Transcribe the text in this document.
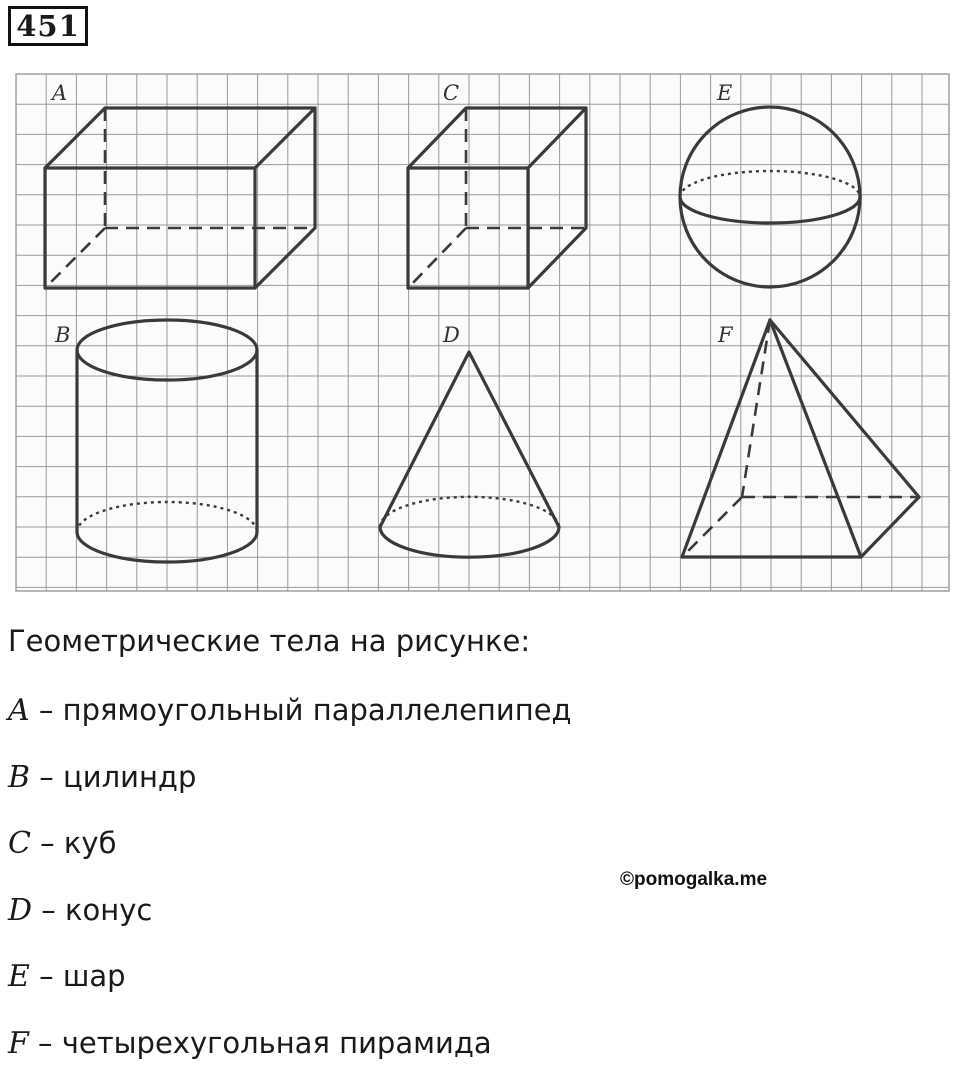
451
A	C	E
B	D	F
Геометрические тела на рисунке:
A – прямоугольный параллелепипед
B – цилиндр
C – куб
D – конус
E – шар
F – четырехугольная пирамида
©pomogalka.me
